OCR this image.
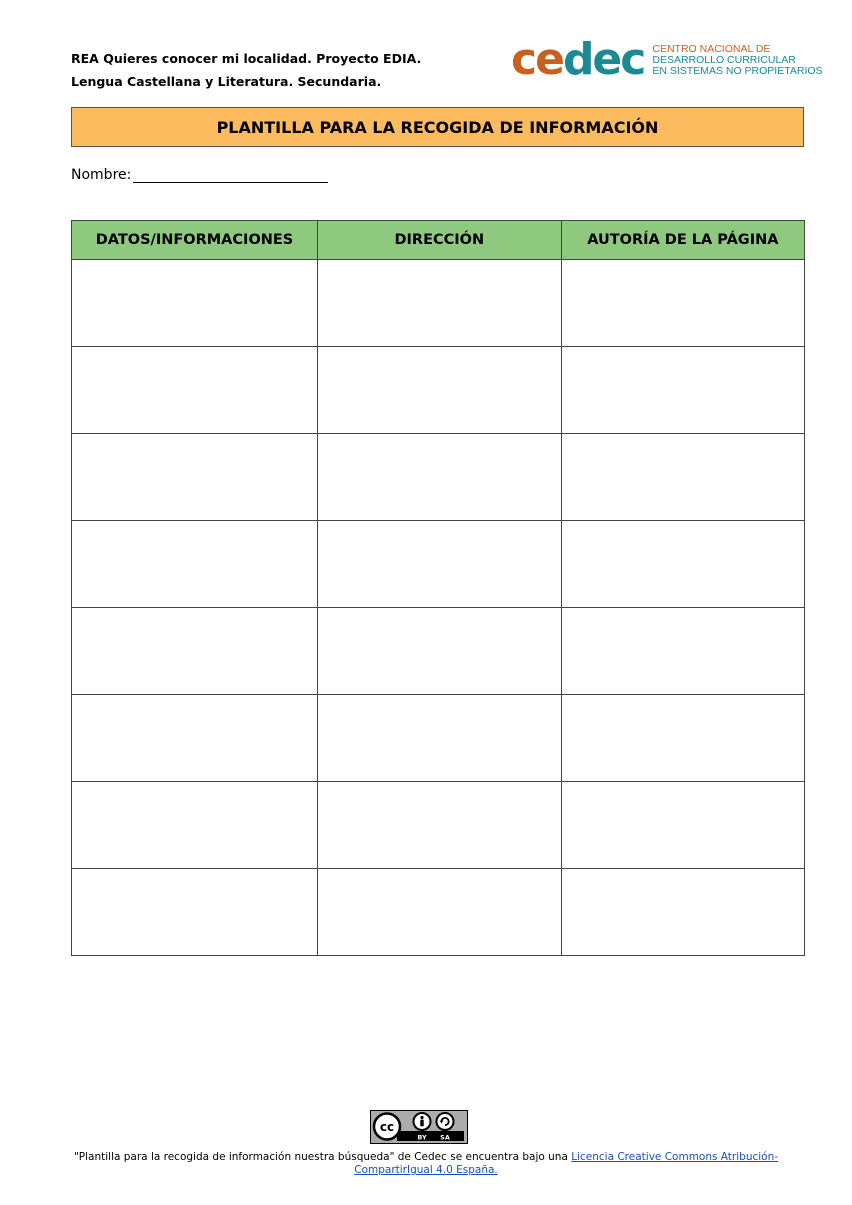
REA Quieres conocer mi localidad. Proyecto EDIA.
Lengua Castellana y Literatura. Secundaria.	cedec CENTRO NACIONAL DE
DESARROLLO CURRICULAR
EN SISTEMAS NO PROPIETARIOS
PLANTILLA PARA LA RECOGIDA DE INFORMACIÓN
Nombre:
DATOS/INFORMACIONES	DIRECCIÓN	AUTORÍA DE LA PÁGINA

cc
BY SA
"Plantilla para la recogida de información nuestra búsqueda" de Cedec se encuentra bajo una Licencia Creative Commons Atribución-CompartirIgual 4.0 España.
